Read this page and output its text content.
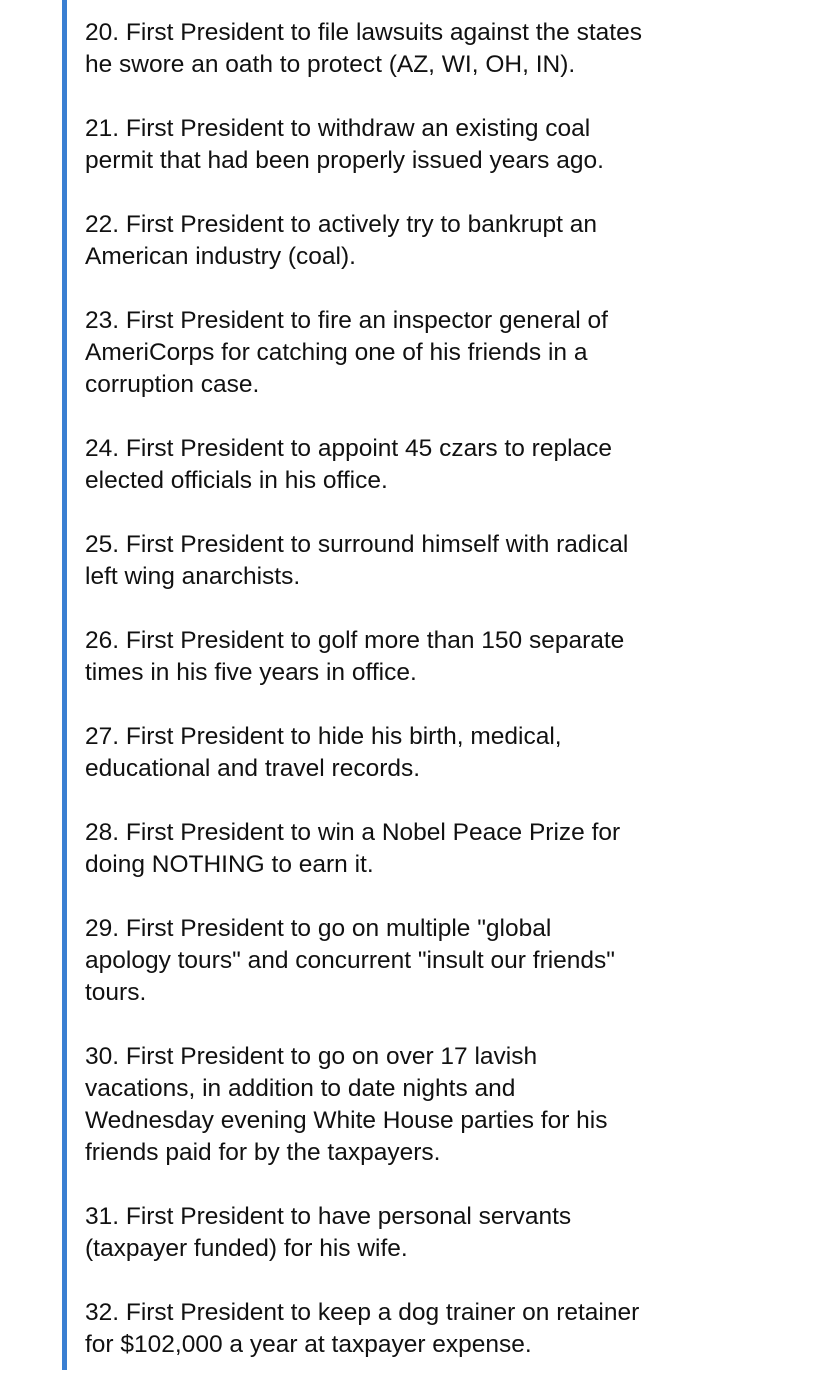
20. First President to file lawsuits against the states
he swore an oath to protect (AZ, WI, OH, IN).

21. First President to withdraw an existing coal
permit that had been properly issued years ago.

22. First President to actively try to bankrupt an
American industry (coal).

23. First President to fire an inspector general of
AmeriCorps for catching one of his friends in a
corruption case.

24. First President to appoint 45 czars to replace
elected officials in his office.

25. First President to surround himself with radical
left wing anarchists.

26. First President to golf more than 150 separate
times in his five years in office.

27. First President to hide his birth, medical,
educational and travel records.

28. First President to win a Nobel Peace Prize for
doing NOTHING to earn it.

29. First President to go on multiple "global
apology tours" and concurrent "insult our friends"
tours.

30. First President to go on over 17 lavish
vacations, in addition to date nights and
Wednesday evening White House parties for his
friends paid for by the taxpayers.

31. First President to have personal servants
(taxpayer funded) for his wife.

32. First President to keep a dog trainer on retainer
for $102,000 a year at taxpayer expense.
